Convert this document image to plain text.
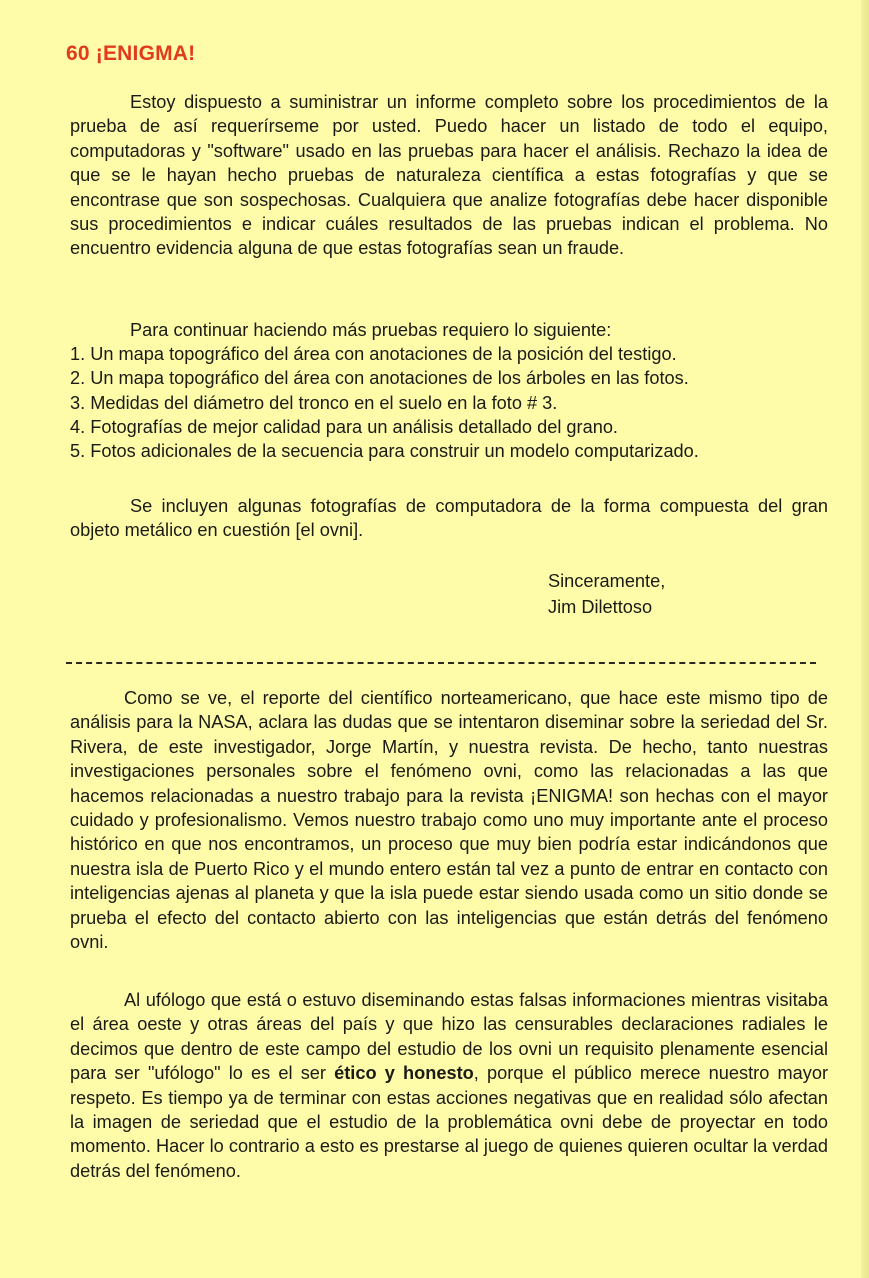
60 ¡ENIGMA!

Estoy dispuesto a suministrar un informe completo sobre los procedimientos de la prueba de así requerírseme por usted. Puedo hacer un listado de todo el equipo, computadoras y "software" usado en las pruebas para hacer el análisis. Rechazo la idea de que se le hayan hecho pruebas de naturaleza científica a estas fotografías y que se encontrase que son sospechosas. Cualquiera que analize fotografías debe hacer disponible sus procedimientos e indicar cuáles resultados de las pruebas indican el problema. No encuentro evidencia alguna de que estas fotografías sean un fraude.

Para continuar haciendo más pruebas requiero lo siguiente:

1. Un mapa topográfico del área con anotaciones de la posición del testigo.
2. Un mapa topográfico del área con anotaciones de los árboles en las fotos.
3. Medidas del diámetro del tronco en el suelo en la foto # 3.
4. Fotografías de mejor calidad para un análisis detallado del grano.
5. Fotos adicionales de la secuencia para construir un modelo computarizado.

Se incluyen algunas fotografías de computadora de la forma compuesta del gran objeto metálico en cuestión [el ovni].

Sinceramente,
Jim Dilettoso

Como se ve, el reporte del científico norteamericano, que hace este mismo tipo de análisis para la NASA, aclara las dudas que se intentaron diseminar sobre la seriedad del Sr. Rivera, de este investigador, Jorge Martín, y nuestra revista. De hecho, tanto nuestras investigaciones personales sobre el fenómeno ovni, como las relacionadas a las que hacemos relacionadas a nuestro trabajo para la revista ¡ENIGMA! son hechas con el mayor cuidado y profesionalismo. Vemos nuestro trabajo como uno muy importante ante el proceso histórico en que nos encontramos, un proceso que muy bien podría estar indicándonos que nuestra isla de Puerto Rico y el mundo entero están tal vez a punto de entrar en contacto con inteligencias ajenas al planeta y que la isla puede estar siendo usada como un sitio donde se prueba el efecto del contacto abierto con las inteligencias que están detrás del fenómeno ovni.

Al ufólogo que está o estuvo diseminando estas falsas informaciones mientras visitaba el área oeste y otras áreas del país y que hizo las censurables declaraciones radiales le decimos que dentro de este campo del estudio de los ovni un requisito plenamente esencial para ser "ufólogo" lo es el ser ético y honesto, porque el público merece nuestro mayor respeto. Es tiempo ya de terminar con estas acciones negativas que en realidad sólo afectan la imagen de seriedad que el estudio de la problemática ovni debe de proyectar en todo momento. Hacer lo contrario a esto es prestarse al juego de quienes quieren ocultar la verdad detrás del fenómeno.
